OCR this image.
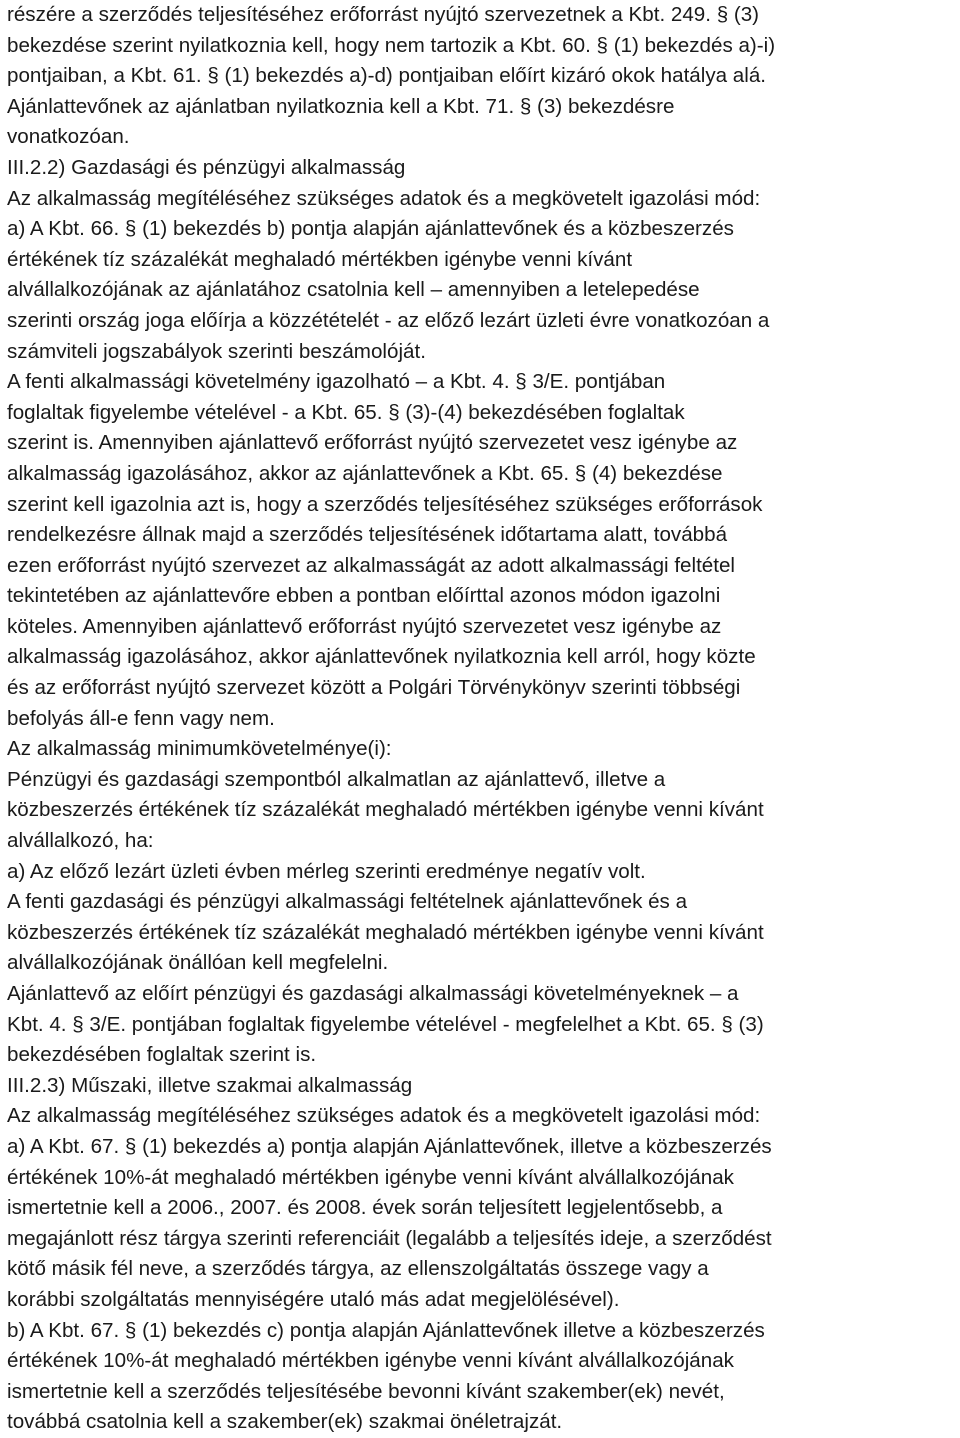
részére a szerződés teljesítéséhez erőforrást nyújtó szervezetnek a Kbt. 249. § (3)
bekezdése szerint nyilatkoznia kell, hogy nem tartozik a Kbt. 60. § (1) bekezdés a)-i)
pontjaiban, a Kbt. 61. § (1) bekezdés a)-d) pontjaiban előírt kizáró okok hatálya alá.
Ajánlattevőnek az ajánlatban nyilatkoznia kell a Kbt. 71. § (3) bekezdésre
vonatkozóan.
III.2.2) Gazdasági és pénzügyi alkalmasság
Az alkalmasság megítéléséhez szükséges adatok és a megkövetelt igazolási mód:
a) A Kbt. 66. § (1) bekezdés b) pontja alapján ajánlattevőnek és a közbeszerzés
értékének tíz százalékát meghaladó mértékben igénybe venni kívánt
alvállalkozójának az ajánlatához csatolnia kell – amennyiben a letelepedése
szerinti ország joga előírja a közzétételét - az előző lezárt üzleti évre vonatkozóan a
számviteli jogszabályok szerinti beszámolóját.
A fenti alkalmassági követelmény igazolható – a Kbt. 4. § 3/E. pontjában
foglaltak figyelembe vételével - a Kbt. 65. § (3)-(4) bekezdésében foglaltak
szerint is. Amennyiben ajánlattevő erőforrást nyújtó szervezetet vesz igénybe az
alkalmasság igazolásához, akkor az ajánlattevőnek a Kbt. 65. § (4) bekezdése
szerint kell igazolnia azt is, hogy a szerződés teljesítéséhez szükséges erőforrások
rendelkezésre állnak majd a szerződés teljesítésének időtartama alatt, továbbá
ezen erőforrást nyújtó szervezet az alkalmasságát az adott alkalmassági feltétel
tekintetében az ajánlattevőre ebben a pontban előírttal azonos módon igazolni
köteles. Amennyiben ajánlattevő erőforrást nyújtó szervezetet vesz igénybe az
alkalmasság igazolásához, akkor ajánlattevőnek nyilatkoznia kell arról, hogy közte
és az erőforrást nyújtó szervezet között a Polgári Törvénykönyv szerinti többségi
befolyás áll-e fenn vagy nem.
Az alkalmasság minimumkövetelménye(i):
Pénzügyi és gazdasági szempontból alkalmatlan az ajánlattevő, illetve a
közbeszerzés értékének tíz százalékát meghaladó mértékben igénybe venni kívánt
alvállalkozó, ha:
a) Az előző lezárt üzleti évben mérleg szerinti eredménye negatív volt.
A fenti gazdasági és pénzügyi alkalmassági feltételnek ajánlattevőnek és a
közbeszerzés értékének tíz százalékát meghaladó mértékben igénybe venni kívánt
alvállalkozójának önállóan kell megfelelni.
Ajánlattevő az előírt pénzügyi és gazdasági alkalmassági követelményeknek – a
Kbt. 4. § 3/E. pontjában foglaltak figyelembe vételével - megfelelhet a Kbt. 65. § (3)
bekezdésében foglaltak szerint is.
III.2.3) Műszaki, illetve szakmai alkalmasság
Az alkalmasság megítéléséhez szükséges adatok és a megkövetelt igazolási mód:
a) A Kbt. 67. § (1) bekezdés a) pontja alapján Ajánlattevőnek, illetve a közbeszerzés
értékének 10%-át meghaladó mértékben igénybe venni kívánt alvállalkozójának
ismertetnie kell a 2006., 2007. és 2008. évek során teljesített legjelentősebb, a
megajánlott rész tárgya szerinti referenciáit (legalább a teljesítés ideje, a szerződést
kötő másik fél neve, a szerződés tárgya, az ellenszolgáltatás összege vagy a
korábbi szolgáltatás mennyiségére utaló más adat megjelölésével).
b) A Kbt. 67. § (1) bekezdés c) pontja alapján Ajánlattevőnek illetve a közbeszerzés
értékének 10%-át meghaladó mértékben igénybe venni kívánt alvállalkozójának
ismertetnie kell a szerződés teljesítésébe bevonni kívánt szakember(ek) nevét,
továbbá csatolnia kell a szakember(ek) szakmai önéletrajzát.
